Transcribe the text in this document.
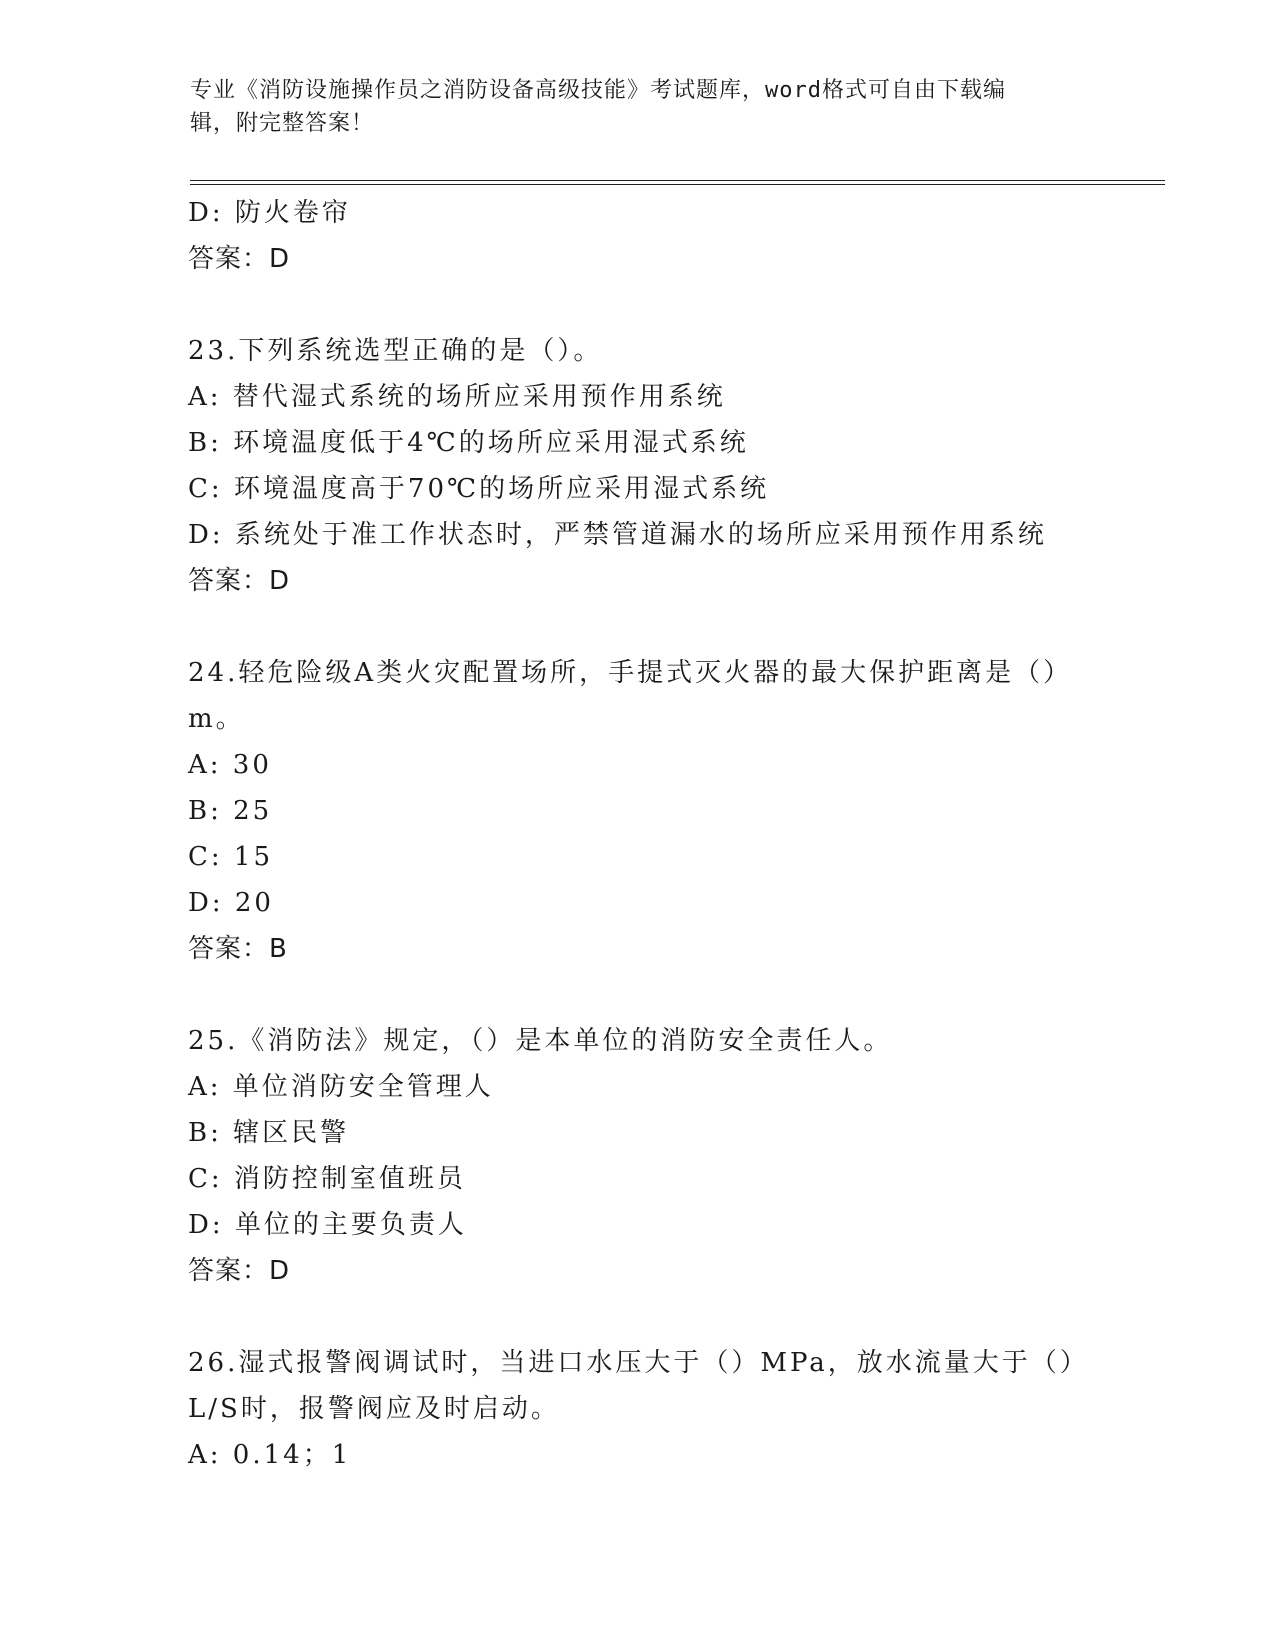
专业《消防设施操作员之消防设备高级技能》考试题库，word格式可自由下载编
辑，附完整答案！
D: 防火卷帘
答案：D
23.下列系统选型正确的是（）。
A: 替代湿式系统的场所应采用预作用系统
B: 环境温度低于4℃的场所应采用湿式系统
C: 环境温度高于70℃的场所应采用湿式系统
D: 系统处于准工作状态时，严禁管道漏水的场所应采用预作用系统
答案：D
24.轻危险级A类火灾配置场所，手提式灭火器的最大保护距离是（）
m。
A: 30
B: 25
C: 15
D: 20
答案：B
25.《消防法》规定，（）是本单位的消防安全责任人。
A: 单位消防安全管理人
B: 辖区民警
C: 消防控制室值班员
D: 单位的主要负责人
答案：D
26.湿式报警阀调试时，当进口水压大于（）MPa，放水流量大于（）
L/S时，报警阀应及时启动。
A: 0.14；1
